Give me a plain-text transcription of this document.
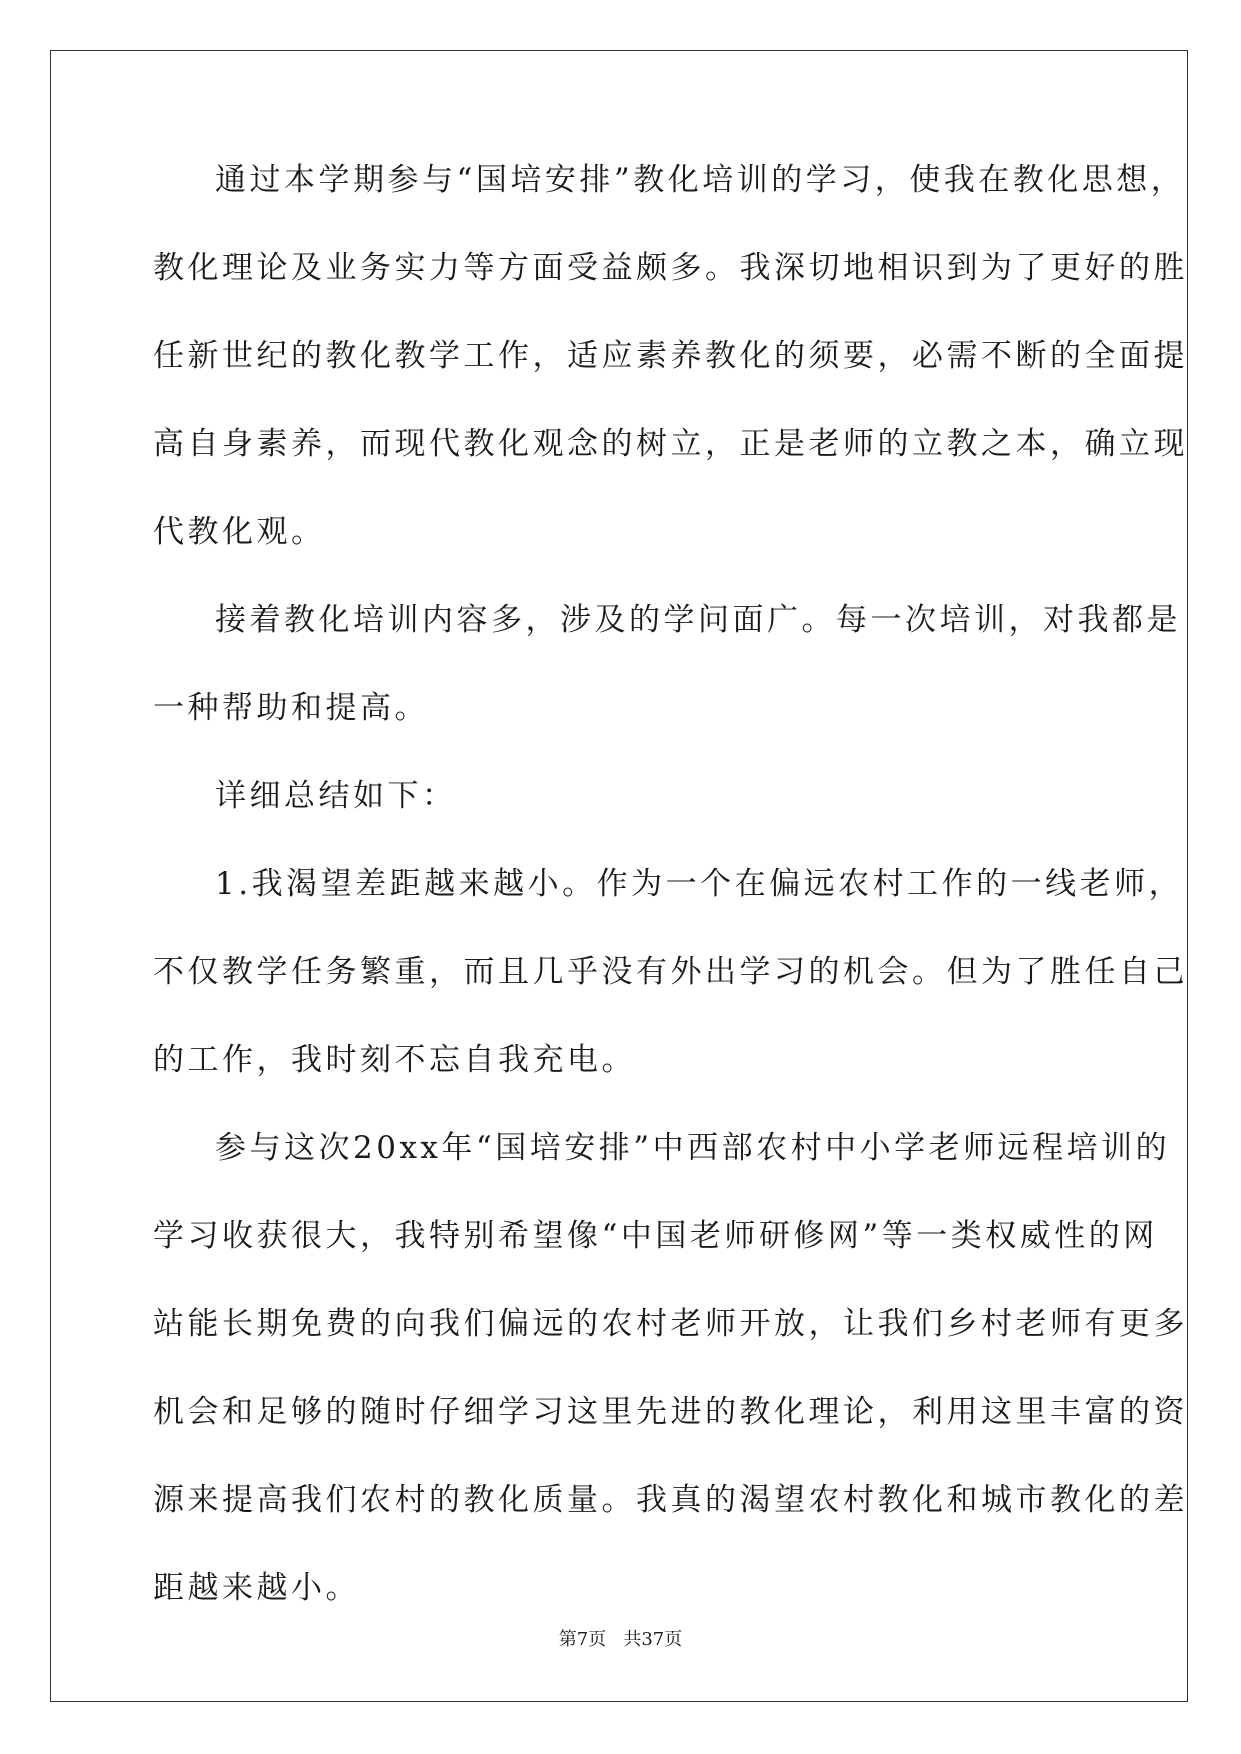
通过本学期参与“国培安排”教化培训的学习，使我在教化思想，
教化理论及业务实力等方面受益颇多。我深切地相识到为了更好的胜
任新世纪的教化教学工作，适应素养教化的须要，必需不断的全面提
高自身素养，而现代教化观念的树立，正是老师的立教之本，确立现
代教化观。
接着教化培训内容多，涉及的学问面广。每一次培训，对我都是
一种帮助和提高。
详细总结如下：
1.我渴望差距越来越小。作为一个在偏远农村工作的一线老师，
不仅教学任务繁重，而且几乎没有外出学习的机会。但为了胜任自己
的工作，我时刻不忘自我充电。
参与这次20xx年“国培安排”中西部农村中小学老师远程培训的
学习收获很大，我特别希望像“中国老师研修网”等一类权威性的网
站能长期免费的向我们偏远的农村老师开放，让我们乡村老师有更多
机会和足够的随时仔细学习这里先进的教化理论，利用这里丰富的资
源来提高我们农村的教化质量。我真的渴望农村教化和城市教化的差
距越来越小。
第7页   共37页
